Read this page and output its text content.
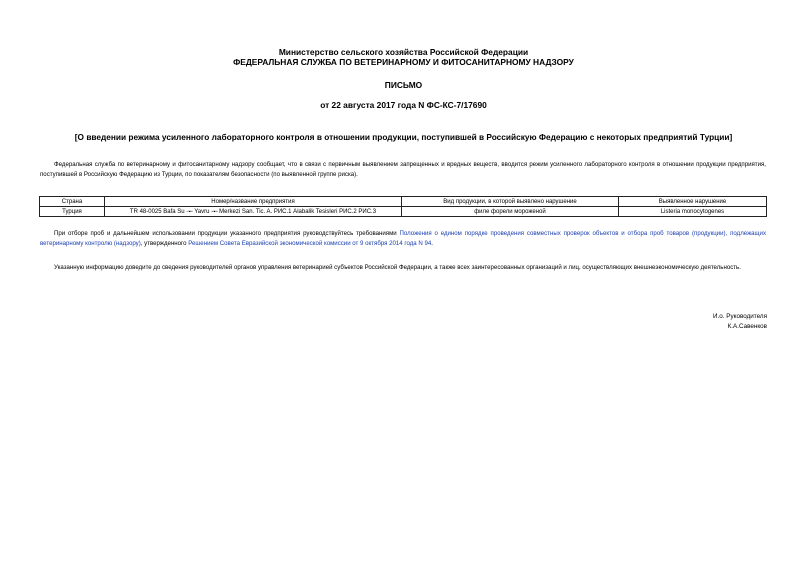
Министерство сельского хозяйства Российской Федерации
ФЕДЕРАЛЬНАЯ СЛУЖБА ПО ВЕТЕРИНАРНОМУ И ФИТОСАНИТАРНОМУ НАДЗОРУ
ПИСЬМО
от 22 августа 2017 года N ФС-КС-7/17690
[О введении режима усиленного лабораторного контроля в отношении продукции, поступившей в Российскую Федерацию с некоторых предприятий Турции]
Федеральная служба по ветеринарному и фитосанитарному надзору сообщает, что в связи с первичным выявлением запрещенных и вредных веществ, вводится режим усиленного лабораторного контроля в отношении продукции предприятия, поступившей в Российскую Федерацию из Турции, по показателям безопасности (по выявленной группе риска).
Страна	Номер/название предприятия	Вид продукции, в которой выявлено нарушение	Выявленное нарушение
Турция	TR 48-0025 Bafa Su ◦▫▪▫◦ Yavru ◦▫▪▫◦ Merkezi San. Tic. A. РИС.1 Alabalik Tesisleri РИС.2 РИС.3	филе форели мороженой	Listeria monocytogenes
При отборе проб и дальнейшем использовании продукции указанного предприятия руководствуйтесь требованиями Положения о едином порядке проведения совместных проверок объектов и отбора проб товаров (продукции), подлежащих ветеринарному контролю (надзору), утвержденного Решением Совета Евразийской экономической комиссии от 9 октября 2014 года N 94.
Указанную информацию доведите до сведения руководителей органов управления ветеринарией субъектов Российской Федерации, а также всех заинтересованных организаций и лиц, осуществляющих внешнеэкономическую деятельность.
И.о. Руководителя
К.А.Савенков
